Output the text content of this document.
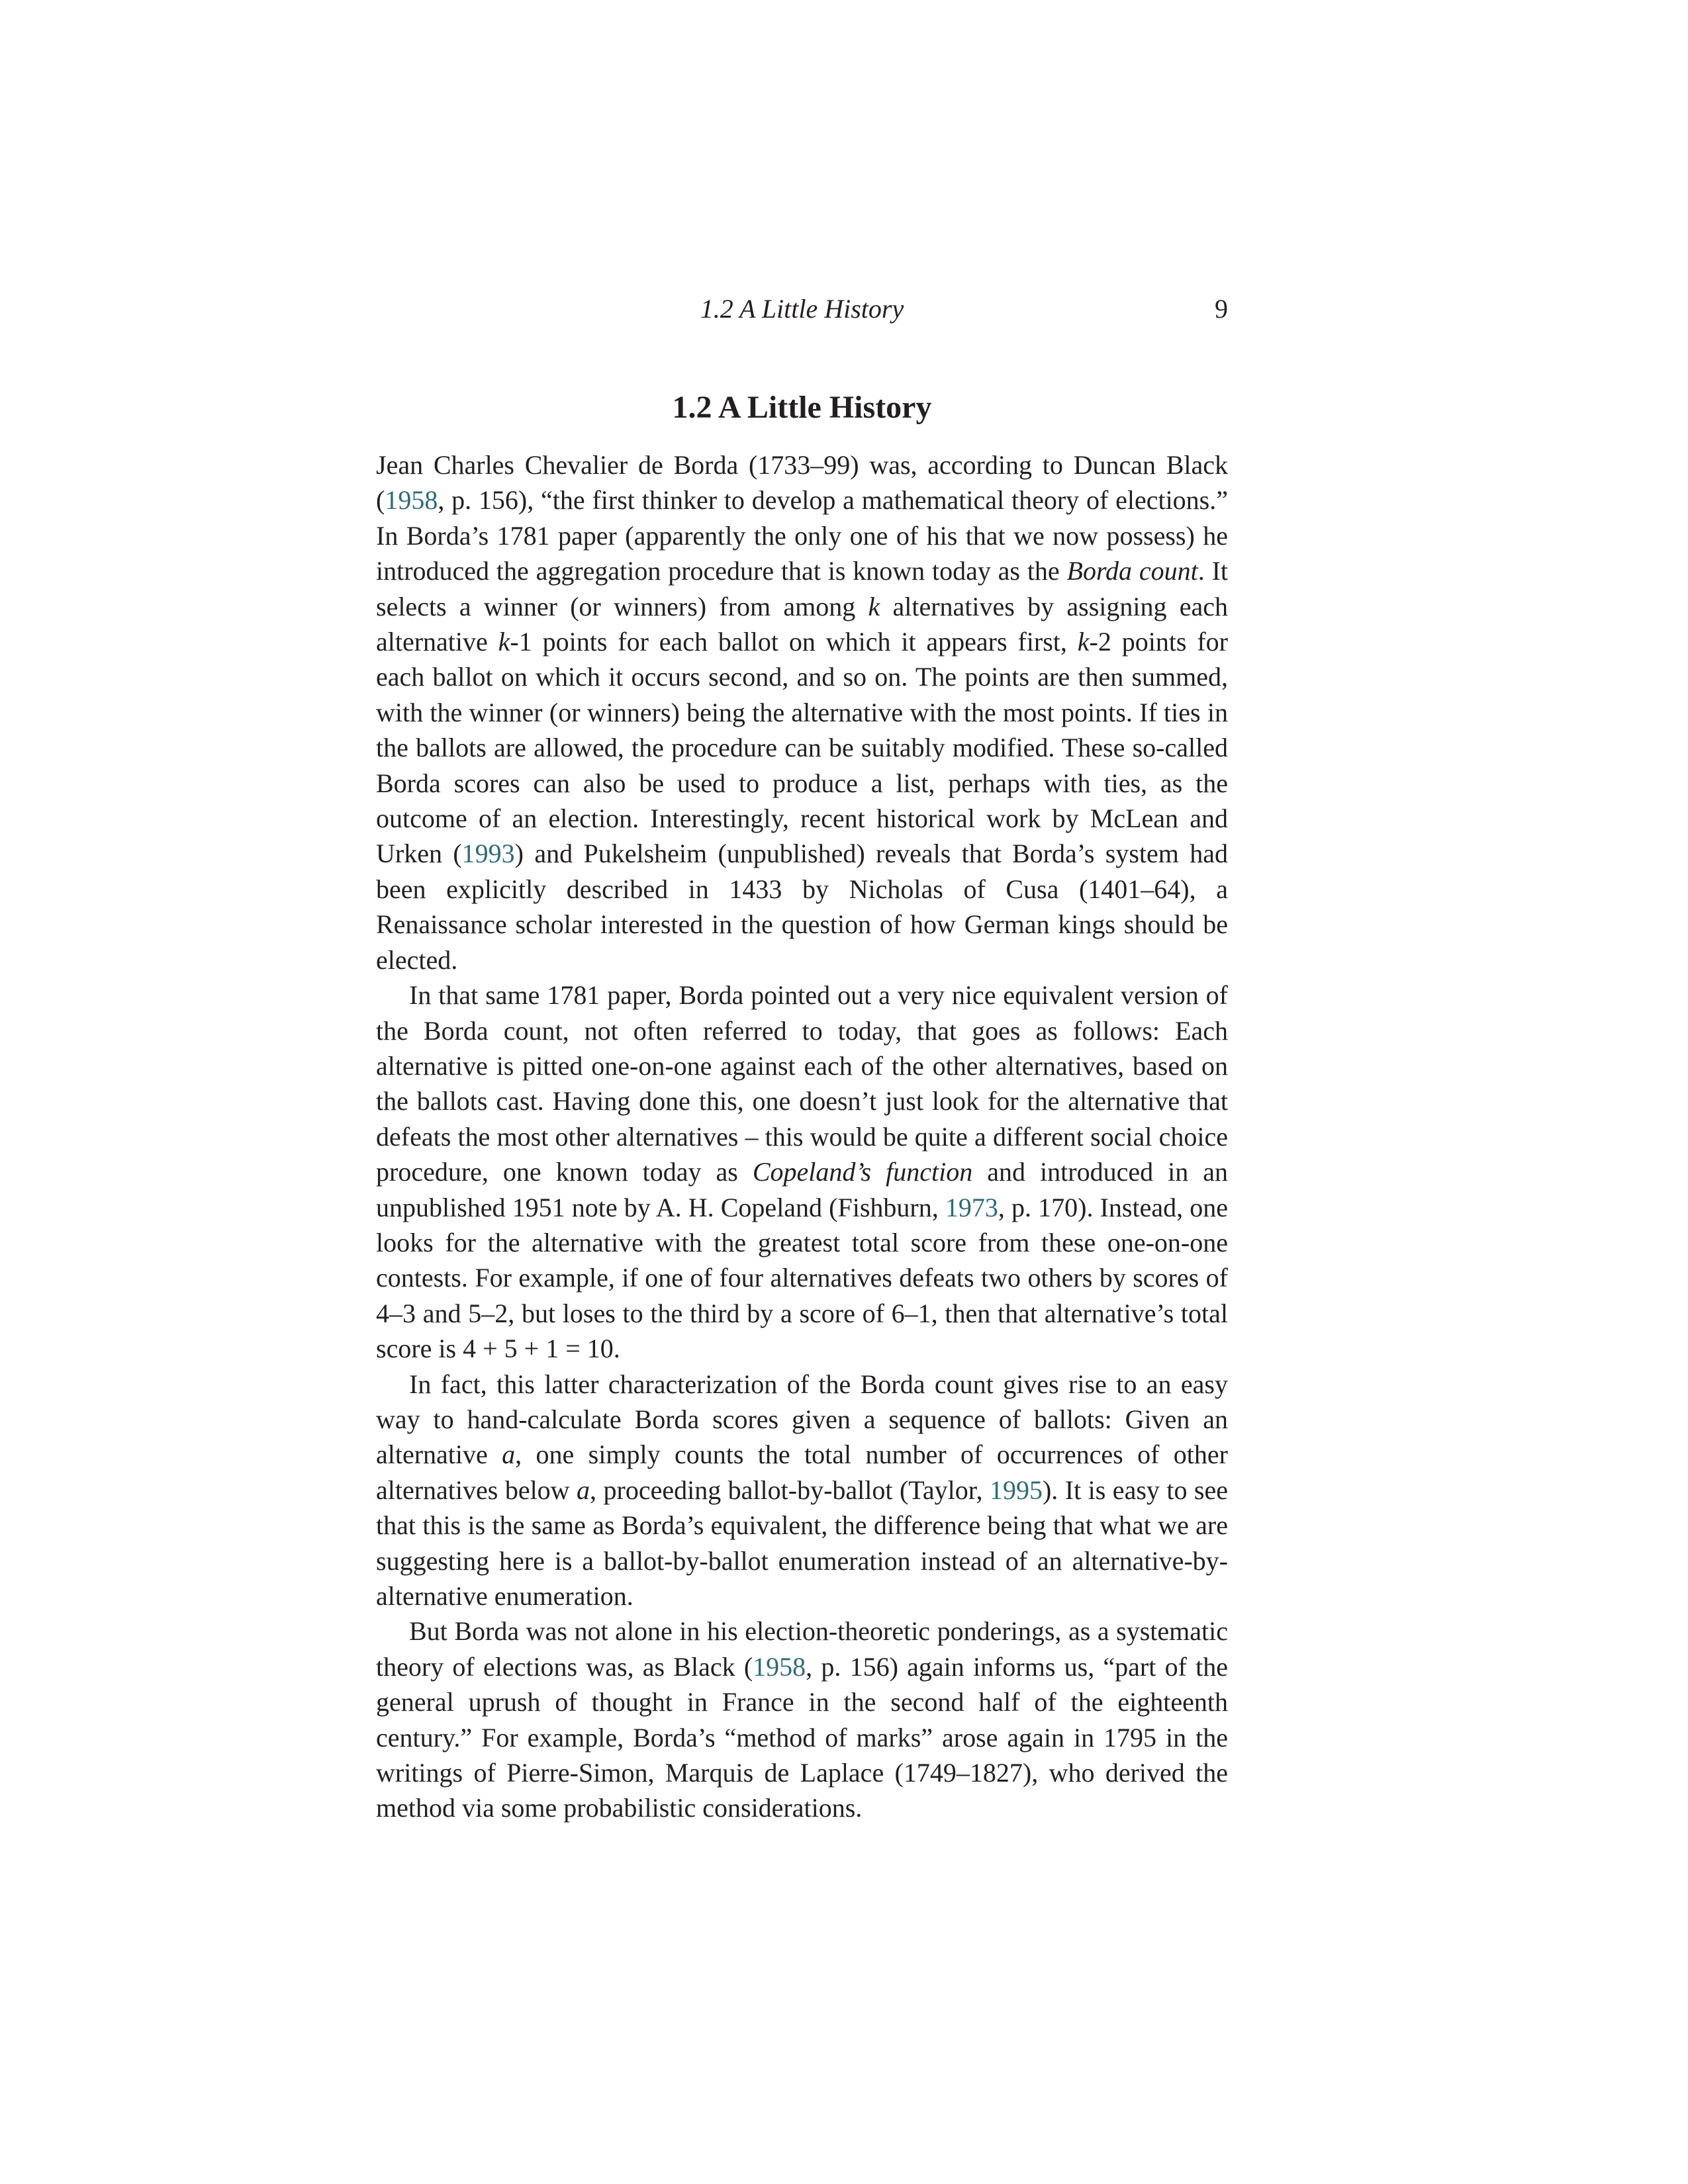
1.2 A Little History	9
1.2 A Little History

Jean Charles Chevalier de Borda (1733–99) was, according to Duncan Black (1958, p. 156), “the first thinker to develop a mathematical theory of elections.” In Borda’s 1781 paper (apparently the only one of his that we now possess) he introduced the aggregation procedure that is known today as the Borda count. It selects a winner (or winners) from among k alternatives by assigning each alternative k-1 points for each ballot on which it appears first, k-2 points for each ballot on which it occurs second, and so on. The points are then summed, with the winner (or winners) being the alternative with the most points. If ties in the ballots are allowed, the procedure can be suitably modified. These so-called Borda scores can also be used to produce a list, perhaps with ties, as the outcome of an election. Interestingly, recent historical work by McLean and Urken (1993) and Pukelsheim (unpublished) reveals that Borda’s system had been explicitly described in 1433 by Nicholas of Cusa (1401–64), a Renaissance scholar interested in the question of how German kings should be elected.

In that same 1781 paper, Borda pointed out a very nice equivalent version of the Borda count, not often referred to today, that goes as follows: Each alternative is pitted one-on-one against each of the other alternatives, based on the ballots cast. Having done this, one doesn’t just look for the alternative that defeats the most other alternatives – this would be quite a different social choice procedure, one known today as Copeland’s function and introduced in an unpublished 1951 note by A. H. Copeland (Fishburn, 1973, p. 170). Instead, one looks for the alternative with the greatest total score from these one-on-one contests. For example, if one of four alternatives defeats two others by scores of 4–3 and 5–2, but loses to the third by a score of 6–1, then that alternative’s total score is 4 + 5 + 1 = 10.

In fact, this latter characterization of the Borda count gives rise to an easy way to hand-calculate Borda scores given a sequence of ballots: Given an alternative a, one simply counts the total number of occurrences of other alternatives below a, proceeding ballot-by-ballot (Taylor, 1995). It is easy to see that this is the same as Borda’s equivalent, the difference being that what we are suggesting here is a ballot-by-ballot enumeration instead of an alternative-by-alternative enumeration.

But Borda was not alone in his election-theoretic ponderings, as a systematic theory of elections was, as Black (1958, p. 156) again informs us, “part of the general uprush of thought in France in the second half of the eighteenth century.” For example, Borda’s “method of marks” arose again in 1795 in the writings of Pierre-Simon, Marquis de Laplace (1749–1827), who derived the method via some probabilistic considerations.
